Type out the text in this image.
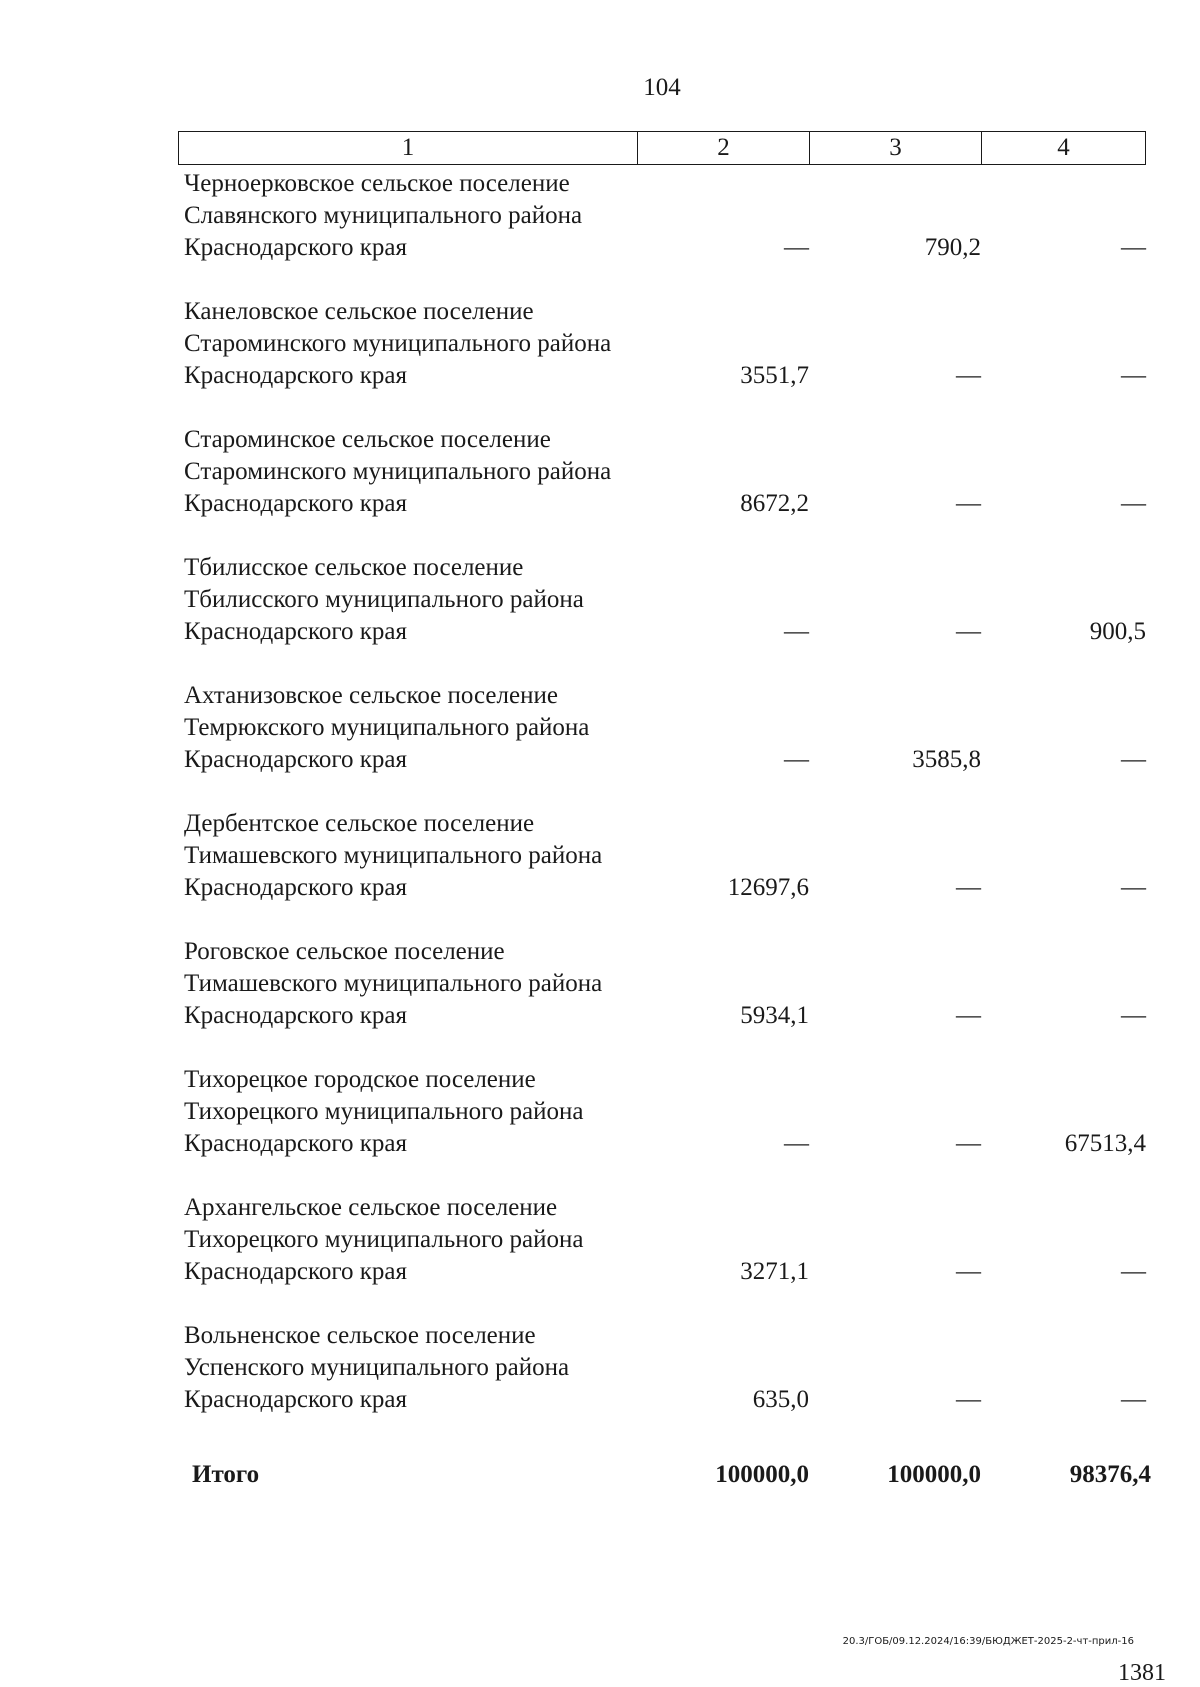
104
1	2	3	4
Черноерковское сельское поселение Славянского муниципального района Краснодарского края	—	790,2	—
Канеловское сельское поселение Староминского муниципального района Краснодарского края	3551,7	—	—
Староминское сельское поселение Староминского муниципального района Краснодарского края	8672,2	—	—
Тбилисское сельское поселение Тбилисского муниципального района Краснодарского края	—	—	900,5
Ахтанизовское сельское поселение Темрюкского муниципального района Краснодарского края	—	3585,8	—
Дербентское сельское поселение Тимашевского муниципального района Краснодарского края	12697,6	—	—
Роговское сельское поселение Тимашевского муниципального района Краснодарского края	5934,1	—	—
Тихорецкое городское поселение Тихорецкого муниципального района Краснодарского края	—	—	67513,4
Архангельское сельское поселение Тихорецкого муниципального района Краснодарского края	3271,1	—	—
Вольненское сельское поселение Успенского муниципального района Краснодарского края	635,0	—	—
Итого	100000,0	100000,0	98376,4
20.3/ГОБ/09.12.2024/16:39/БЮДЖЕТ-2025-2-чт-прил-16
1381
